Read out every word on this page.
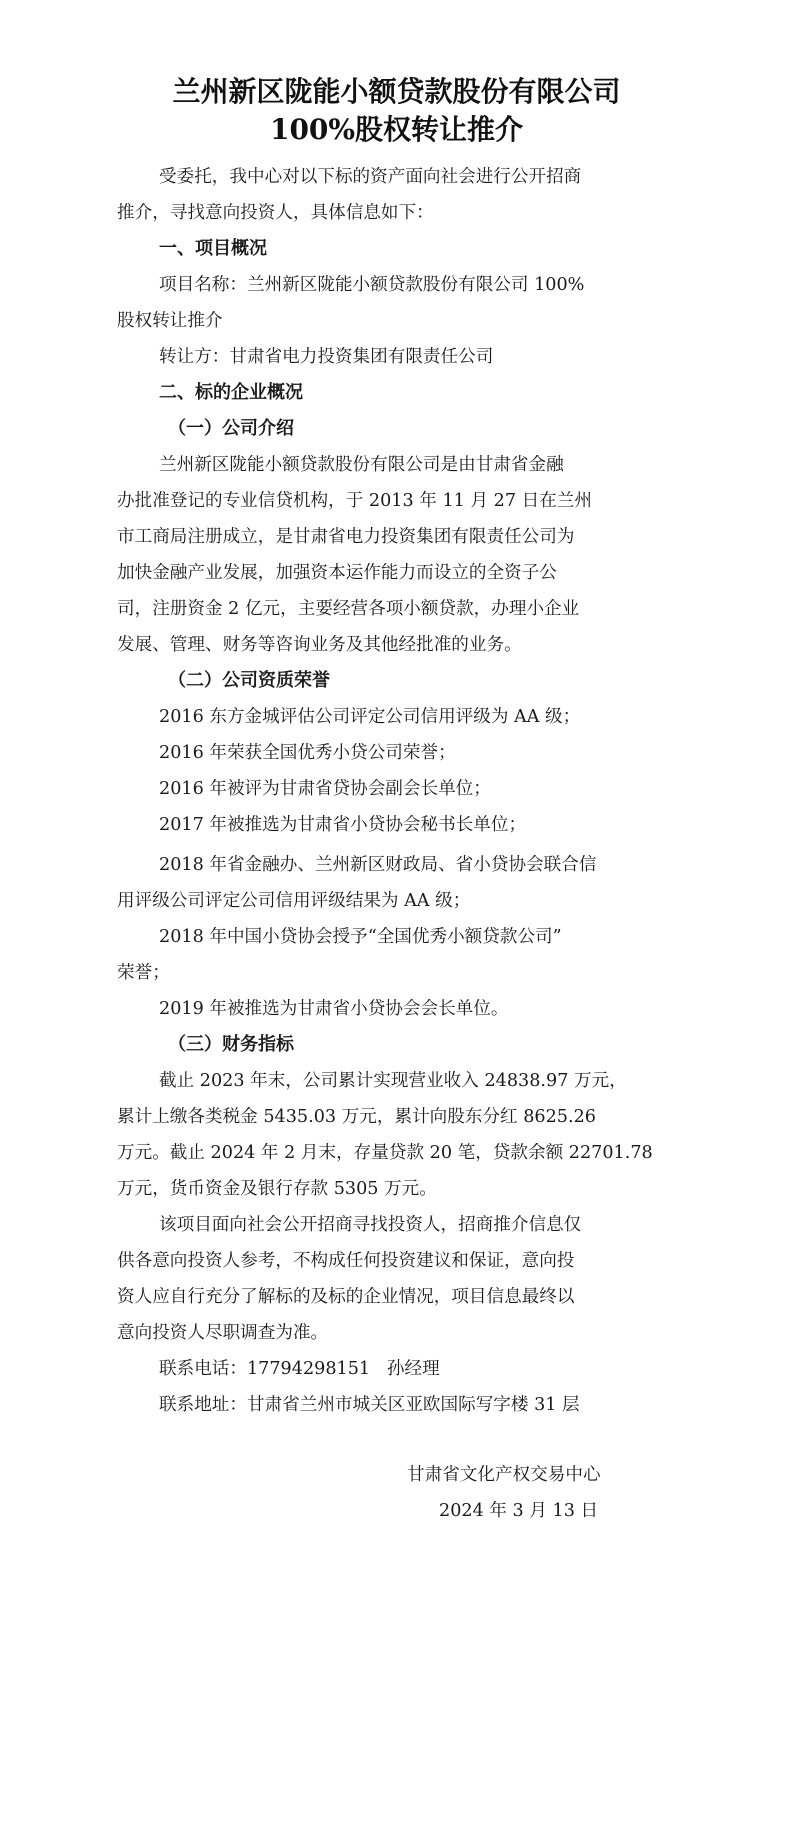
兰州新区陇能小额贷款股份有限公司
100%股权转让推介
受委托，我中心对以下标的资产面向社会进行公开招商
推介，寻找意向投资人，具体信息如下：
一、项目概况
项目名称：兰州新区陇能小额贷款股份有限公司 100%
股权转让推介
转让方：甘肃省电力投资集团有限责任公司
二、标的企业概况
（一）公司介绍
兰州新区陇能小额贷款股份有限公司是由甘肃省金融
办批准登记的专业信贷机构，于 2013 年 11 月 27 日在兰州
市工商局注册成立，是甘肃省电力投资集团有限责任公司为
加快金融产业发展，加强资本运作能力而设立的全资子公
司，注册资金 2 亿元，主要经营各项小额贷款，办理小企业
发展、管理、财务等咨询业务及其他经批准的业务。
（二）公司资质荣誉
2016 东方金城评估公司评定公司信用评级为 AA 级；
2016 年荣获全国优秀小贷公司荣誉；
2016 年被评为甘肃省贷协会副会长单位；
2017 年被推选为甘肃省小贷协会秘书长单位；
2018 年省金融办、兰州新区财政局、省小贷协会联合信
用评级公司评定公司信用评级结果为 AA 级；
2018 年中国小贷协会授予“全国优秀小额贷款公司”
荣誉；
2019 年被推选为甘肃省小贷协会会长单位。
（三）财务指标
截止 2023 年末，公司累计实现营业收入 24838.97 万元，
累计上缴各类税金 5435.03 万元，累计向股东分红 8625.26
万元。截止 2024 年 2 月末，存量贷款 20 笔，贷款余额 22701.78
万元，货币资金及银行存款 5305 万元。
该项目面向社会公开招商寻找投资人，招商推介信息仅
供各意向投资人参考，不构成任何投资建议和保证，意向投
资人应自行充分了解标的及标的企业情况，项目信息最终以
意向投资人尽职调查为准。
联系电话：17794298151   孙经理
联系地址：甘肃省兰州市城关区亚欧国际写字楼 31 层
甘肃省文化产权交易中心
2024 年 3 月 13 日
